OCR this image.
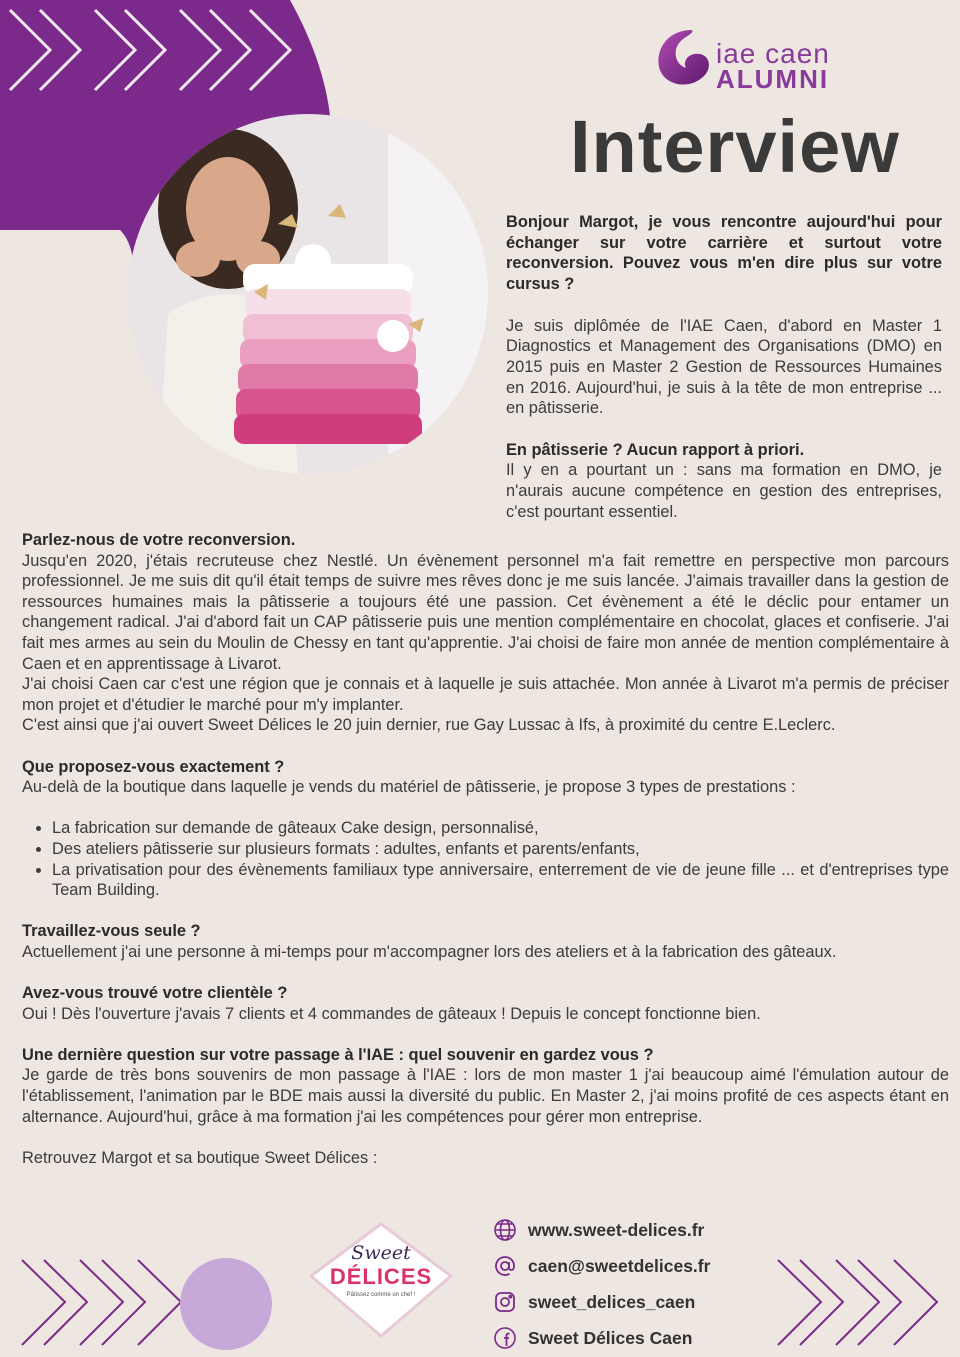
iae caen
ALUMNI
Interview

Bonjour Margot, je vous rencontre aujourd'hui pour échanger sur votre carrière et surtout votre reconversion. Pouvez vous m'en dire plus sur votre cursus ?

Je suis diplômée de l'IAE Caen, d'abord en Master 1 Diagnostics et Management des Organisations (DMO) en 2015 puis en Master 2 Gestion de Ressources Humaines en 2016. Aujourd'hui, je suis à la tête de mon entreprise ... en pâtisserie.

En pâtisserie ? Aucun rapport à priori.

Il y en a pourtant un : sans ma formation en DMO, je n'aurais aucune compétence en gestion des entreprises, c'est pourtant essentiel.

Parlez-nous de votre reconversion.
Jusqu'en 2020, j'étais recruteuse chez Nestlé. Un évènement personnel m'a fait remettre en perspective mon parcours professionnel. Je me suis dit qu'il était temps de suivre mes rêves donc je me suis lancée. J'aimais travailler dans la gestion de ressources humaines mais la pâtisserie a toujours été une passion. Cet évènement a été le déclic pour entamer un changement radical. J'ai d'abord fait un CAP pâtisserie puis une mention complémentaire en chocolat, glaces et confiserie. J'ai fait mes armes au sein du Moulin de Chessy en tant qu'apprentie. J'ai choisi de faire mon année de mention complémentaire à Caen et en apprentissage à Livarot.
J'ai choisi Caen car c'est une région que je connais et à laquelle je suis attachée. Mon année à Livarot m'a permis de préciser mon projet et d'étudier le marché pour m'y implanter.
C'est ainsi que j'ai ouvert Sweet Délices le 20 juin dernier, rue Gay Lussac à Ifs, à proximité du centre E.Leclerc.

Que proposez-vous exactement ?
Au-delà de la boutique dans laquelle je vends du matériel de pâtisserie, je propose 3 types de prestations :

• La fabrication sur demande de gâteaux Cake design, personnalisé,
• Des ateliers pâtisserie sur plusieurs formats : adultes, enfants et parents/enfants,
• La privatisation pour des évènements familiaux type anniversaire, enterrement de vie de jeune fille ... et d'entreprises type Team Building.

Travaillez-vous seule ?
Actuellement j'ai une personne à mi-temps pour m'accompagner lors des ateliers et à la fabrication des gâteaux.

Avez-vous trouvé votre clientèle ?
Oui ! Dès l'ouverture j'avais 7 clients et 4 commandes de gâteaux ! Depuis le concept fonctionne bien.

Une dernière question sur votre passage à l'IAE : quel souvenir en gardez vous ?
Je garde de très bons souvenirs de mon passage à l'IAE : lors de mon master 1 j'ai beaucoup aimé l'émulation autour de l'établissement, l'animation par le BDE mais aussi la diversité du public. En Master 2, j'ai moins profité de ces aspects étant en alternance. Aujourd'hui, grâce à ma formation j'ai les compétences pour gérer mon entreprise.

Retrouvez Margot et sa boutique Sweet Délices :

Sweet
DÉLICES
Pâtissez comme un chef !
www.sweet-delices.fr
caen@sweetdelices.fr
sweet_delices_caen
Sweet Délices Caen
